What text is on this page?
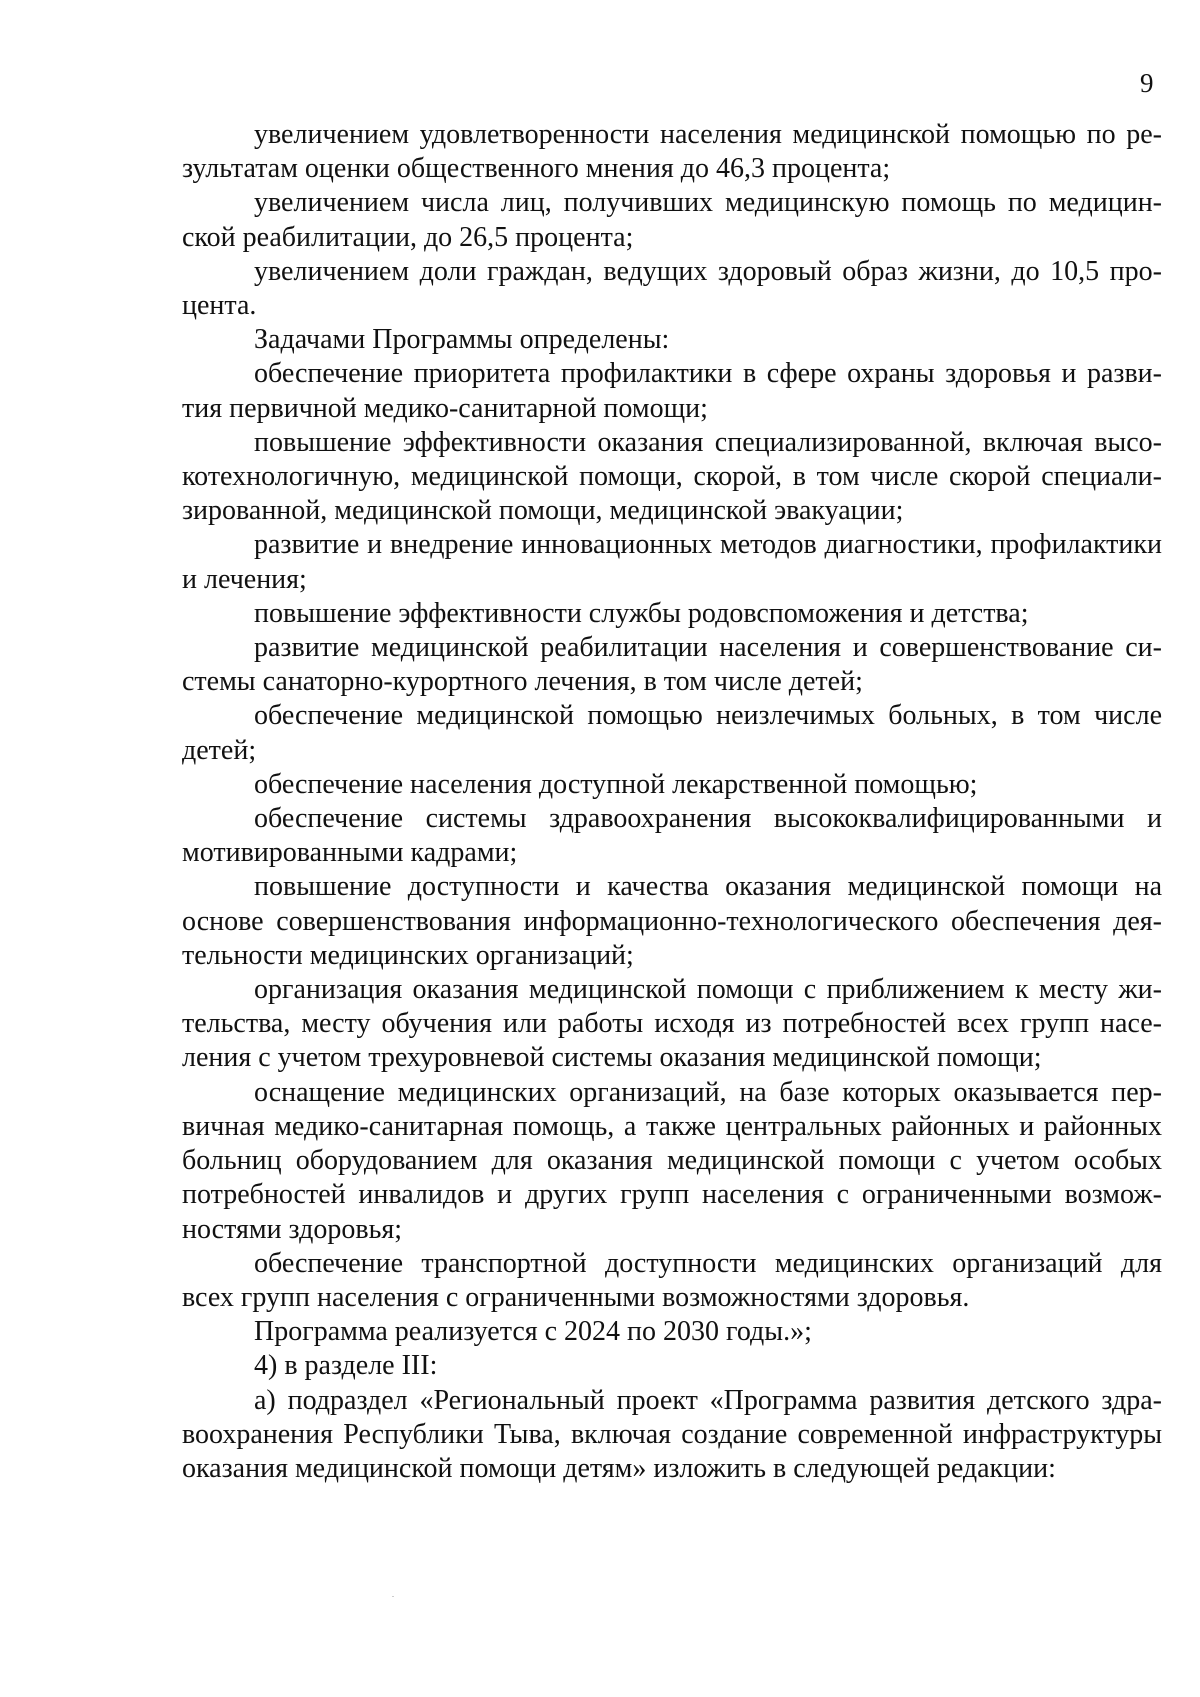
9

увеличением удовлетворенности населения медицинской помощью по результатам оценки общественного мнения до 46,3 процента;

увеличением числа лиц, получивших медицинскую помощь по медицинской реабилитации, до 26,5 процента;

увеличением доли граждан, ведущих здоровый образ жизни, до 10,5 процента.

Задачами Программы определены:

обеспечение приоритета профилактики в сфере охраны здоровья и развития первичной медико-санитарной помощи;

повышение эффективности оказания специализированной, включая высокотехнологичную, медицинской помощи, скорой, в том числе скорой специализированной, медицинской помощи, медицинской эвакуации;

развитие и внедрение инновационных методов диагностики, профилактики и лечения;

повышение эффективности службы родовспоможения и детства;

развитие медицинской реабилитации населения и совершенствование системы санаторно-курортного лечения, в том числе детей;

обеспечение медицинской помощью неизлечимых больных, в том числе детей;

обеспечение населения доступной лекарственной помощью;

обеспечение системы здравоохранения высококвалифицированными и мотивированными кадрами;

повышение доступности и качества оказания медицинской помощи на основе совершенствования информационно-технологического обеспечения деятельности медицинских организаций;

организация оказания медицинской помощи с приближением к месту жительства, месту обучения или работы исходя из потребностей всех групп населения с учетом трехуровневой системы оказания медицинской помощи;

оснащение медицинских организаций, на базе которых оказывается первичная медико-санитарная помощь, а также центральных районных и районных больниц оборудованием для оказания медицинской помощи с учетом особых потребностей инвалидов и других групп населения с ограниченными возможностями здоровья;

обеспечение транспортной доступности медицинских организаций для всех групп населения с ограниченными возможностями здоровья.

Программа реализуется с 2024 по 2030 годы.»;

4) в разделе III:

а) подраздел «Региональный проект «Программа развития детского здравоохранения Республики Тыва, включая создание современной инфраструктуры оказания медицинской помощи детям» изложить в следующей редакции:
